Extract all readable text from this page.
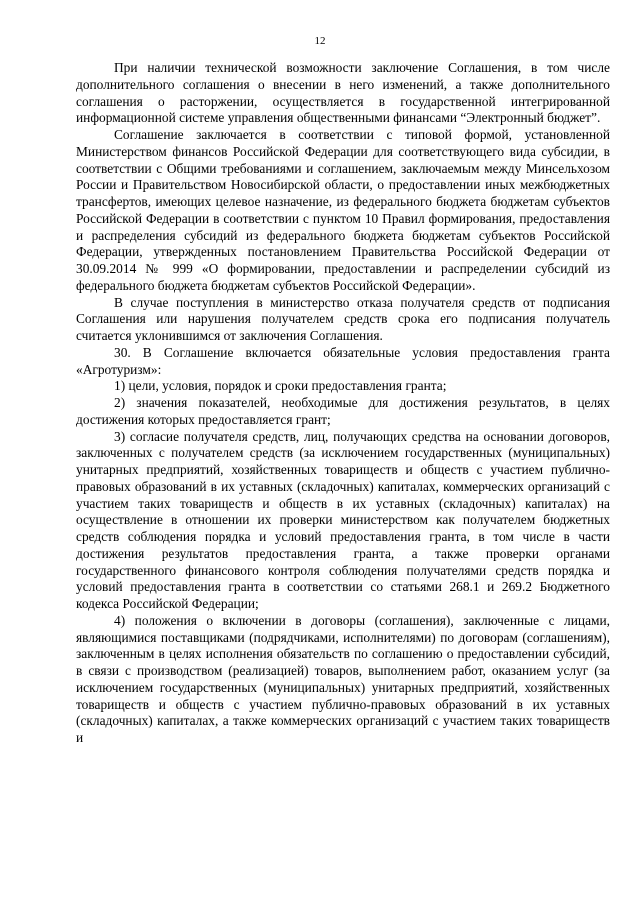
12

При наличии технической возможности заключение Соглашения, в том числе дополнительного соглашения о внесении в него изменений, а также дополнительного соглашения о расторжении, осуществляется в государственной интегрированной информационной системе управления общественными финансами “Электронный бюджет”.

Соглашение заключается в соответствии с типовой формой, установленной Министерством финансов Российской Федерации для соответствующего вида субсидии, в соответствии с Общими требованиями и соглашением, заключаемым между Минсельхозом России и Правительством Новосибирской области, о предоставлении иных межбюджетных трансфертов, имеющих целевое назначение, из федерального бюджета бюджетам субъектов Российской Федерации в соответствии с пунктом 10 Правил формирования, предоставления и распределения субсидий из федерального бюджета бюджетам субъектов Российской Федерации, утвержденных постановлением Правительства Российской Федерации от 30.09.2014 № 999 «О формировании, предоставлении и распределении субсидий из федерального бюджета бюджетам субъектов Российской Федерации».

В случае поступления в министерство отказа получателя средств от подписания Соглашения или нарушения получателем средств срока его подписания получатель считается уклонившимся от заключения Соглашения.

30. В Соглашение включается обязательные условия предоставления гранта «Агротуризм»:

1) цели, условия, порядок и сроки предоставления гранта;

2) значения показателей, необходимые для достижения результатов, в целях достижения которых предоставляется грант;

3) согласие получателя средств, лиц, получающих средства на основании договоров, заключенных с получателем средств (за исключением государственных (муниципальных) унитарных предприятий, хозяйственных товариществ и обществ с участием публично-правовых образований в их уставных (складочных) капиталах, коммерческих организаций с участием таких товариществ и обществ в их уставных (складочных) капиталах) на осуществление в отношении их проверки министерством как получателем бюджетных средств соблюдения порядка и условий предоставления гранта, в том числе в части достижения результатов предоставления гранта, а также проверки органами государственного финансового контроля соблюдения получателями средств порядка и условий предоставления гранта в соответствии со статьями 268.1 и 269.2 Бюджетного кодекса Российской Федерации;

4) положения о включении в договоры (соглашения), заключенные с лицами, являющимися поставщиками (подрядчиками, исполнителями) по договорам (соглашениям), заключенным в целях исполнения обязательств по соглашению о предоставлении субсидий, в связи с производством (реализацией) товаров, выполнением работ, оказанием услуг (за исключением государственных (муниципальных) унитарных предприятий, хозяйственных товариществ и обществ с участием публично-правовых образований в их уставных (складочных) капиталах, а также коммерческих организаций с участием таких товариществ и
